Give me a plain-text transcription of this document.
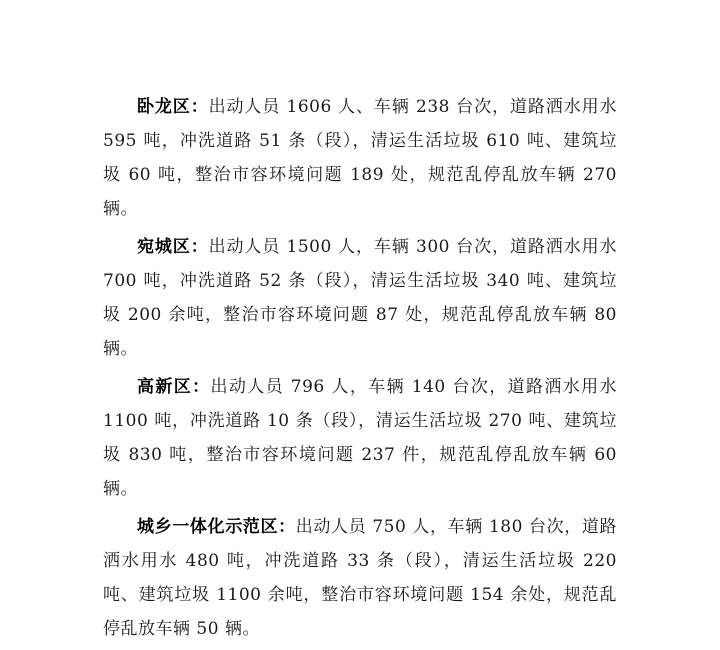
卧龙区：出动人员 1606 人、车辆 238 台次，道路洒水用水 595 吨，冲洗道路 51 条（段），清运生活垃圾 610 吨、建筑垃圾 60 吨，整治市容环境问题 189 处，规范乱停乱放车辆 270 辆。

宛城区：出动人员 1500 人，车辆 300 台次，道路洒水用水 700 吨，冲洗道路 52 条（段），清运生活垃圾 340 吨、建筑垃圾 200 余吨，整治市容环境问题 87 处，规范乱停乱放车辆 80 辆。

高新区：出动人员 796 人，车辆 140 台次，道路洒水用水 1100 吨，冲洗道路 10 条（段），清运生活垃圾 270 吨、建筑垃圾 830 吨，整治市容环境问题 237 件，规范乱停乱放车辆 60 辆。

城乡一体化示范区：出动人员 750 人，车辆 180 台次，道路洒水用水 480 吨，冲洗道路 33 条（段），清运生活垃圾 220 吨、建筑垃圾 1100 余吨，整治市容环境问题 154 余处，规范乱停乱放车辆 50 辆。
